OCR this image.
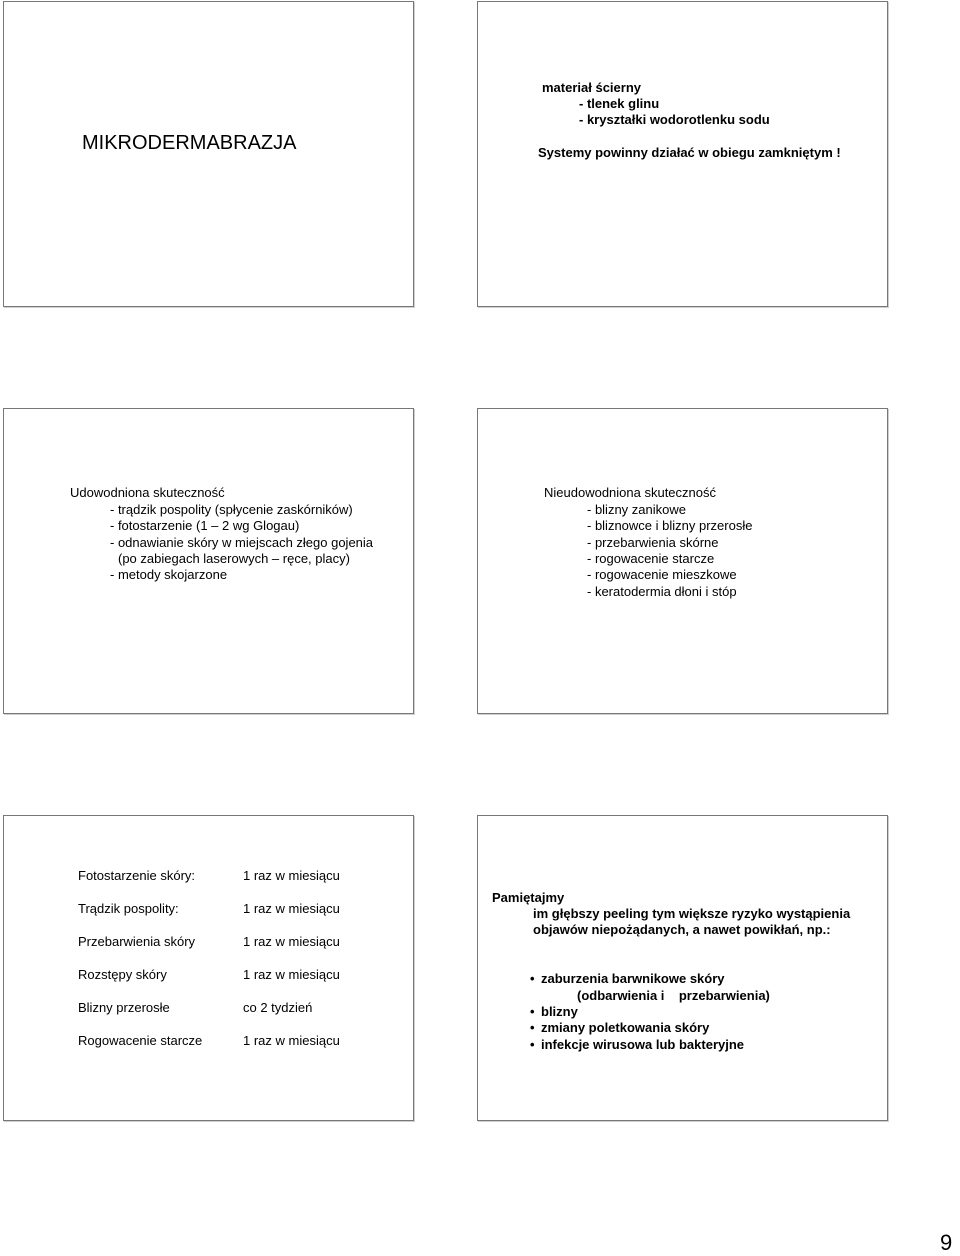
MIKRODERMABRAZJA
materiał ścierny
- tlenek glinu
- kryształki wodorotlenku sodu
Systemy powinny działać w obiegu zamkniętym !
Udowodniona skuteczność
- trądzik pospolity (spłycenie zaskórników)
- fotostarzenie (1 – 2 wg Glogau)
- odnawianie skóry w miejscach złego gojenia
(po zabiegach laserowych – ręce, placy)
- metody skojarzone
Nieudowodniona skuteczność
- blizny zanikowe
- bliznowce i blizny przerosłe
- przebarwienia skórne
- rogowacenie starcze
- rogowacenie mieszkowe
- keratodermia dłoni i stóp
Fotostarzenie skóry:	1 raz w miesiącu
Trądzik pospolity:	1 raz w miesiącu
Przebarwienia skóry	1 raz w miesiącu
Rozstępy skóry	1 raz w miesiącu
Blizny przerosłe	co 2 tydzień
Rogowacenie starcze	1 raz w miesiącu
Pamiętajmy
im głębszy peeling tym większe ryzyko wystąpienia
objawów niepożądanych, a nawet powikłań, np.:
• zaburzenia barwnikowe skóry
(odbarwienia i    przebarwienia)
• blizny
• zmiany poletkowania skóry
• infekcje wirusowa lub bakteryjne
9
